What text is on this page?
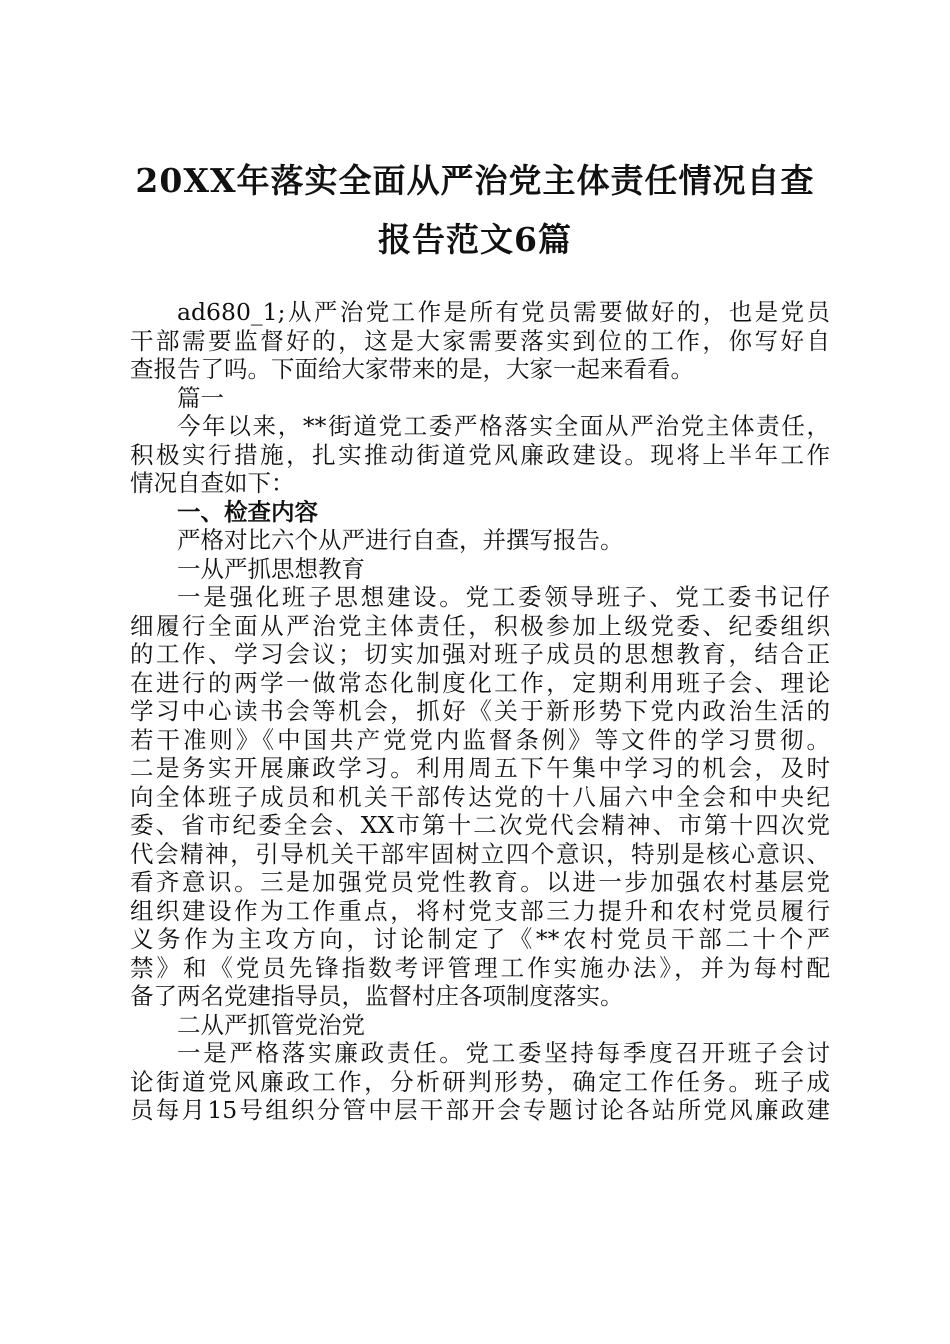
20XX年落实全面从严治党主体责任情况自查
报告范文6篇
ad680_1;从严治党工作是所有党员需要做好的，也是党员
干部需要监督好的，这是大家需要落实到位的工作，你写好自
查报告了吗。下面给大家带来的是，大家一起来看看。
篇一
今年以来，**街道党工委严格落实全面从严治党主体责任，
积极实行措施，扎实推动街道党风廉政建设。现将上半年工作
情况自查如下：
一、检查内容
严格对比六个从严进行自查，并撰写报告。
一从严抓思想教育
一是强化班子思想建设。党工委领导班子、党工委书记仔
细履行全面从严治党主体责任，积极参加上级党委、纪委组织
的工作、学习会议；切实加强对班子成员的思想教育，结合正
在进行的两学一做常态化制度化工作，定期利用班子会、理论
学习中心读书会等机会，抓好《关于新形势下党内政治生活的
若干准则》《中国共产党党内监督条例》等文件的学习贯彻。
二是务实开展廉政学习。利用周五下午集中学习的机会，及时
向全体班子成员和机关干部传达党的十八届六中全会和中央纪
委、省市纪委全会、XX市第十二次党代会精神、市第十四次党
代会精神，引导机关干部牢固树立四个意识，特别是核心意识、
看齐意识。三是加强党员党性教育。以进一步加强农村基层党
组织建设作为工作重点，将村党支部三力提升和农村党员履行
义务作为主攻方向，讨论制定了《**农村党员干部二十个严
禁》和《党员先锋指数考评管理工作实施办法》，并为每村配
备了两名党建指导员，监督村庄各项制度落实。
二从严抓管党治党
一是严格落实廉政责任。党工委坚持每季度召开班子会讨
论街道党风廉政工作，分析研判形势，确定工作任务。班子成
员每月15号组织分管中层干部开会专题讨论各站所党风廉政建
